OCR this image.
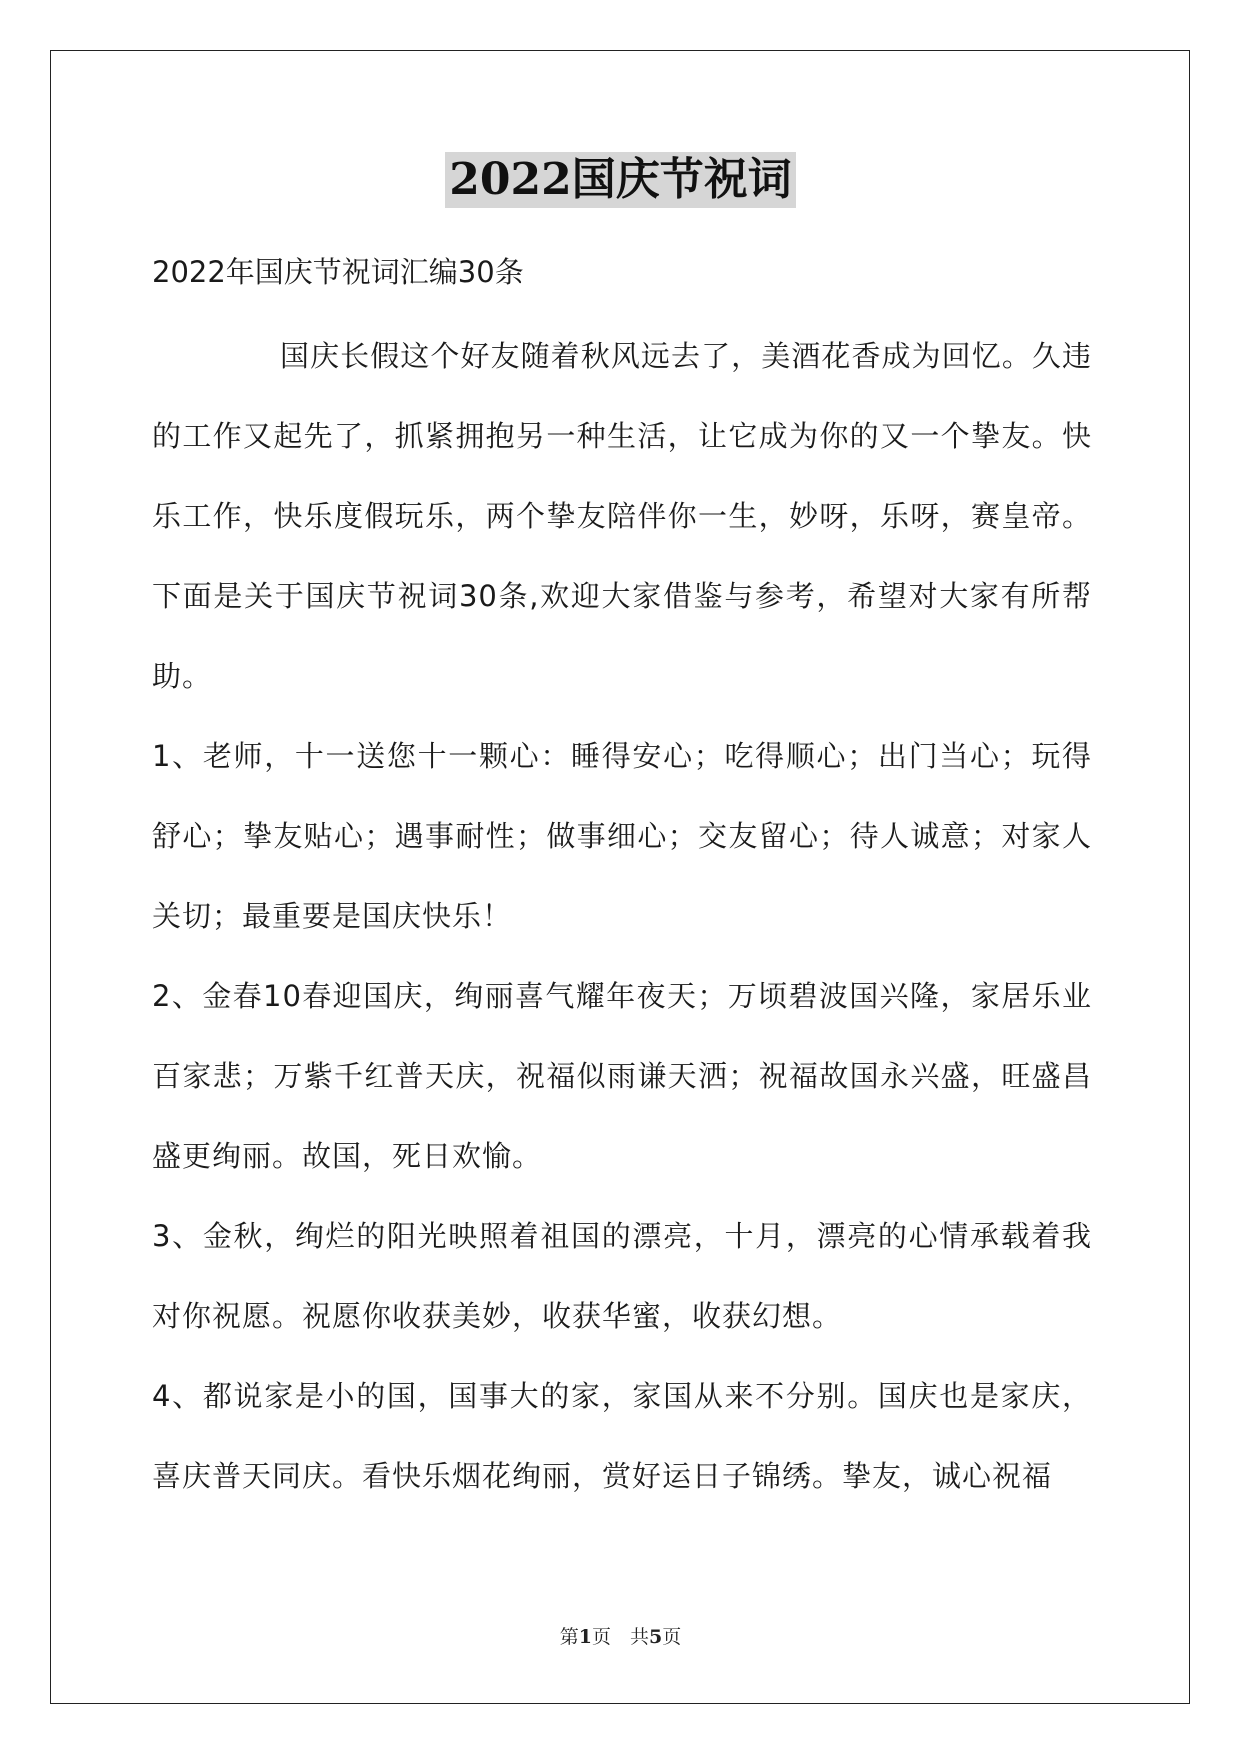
2022国庆节祝词

2022年国庆节祝词汇编30条

国庆长假这个好友随着秋风远去了，美酒花香成为回忆。久违的工作又起先了，抓紧拥抱另一种生活，让它成为你的又一个挚友。快乐工作，快乐度假玩乐，两个挚友陪伴你一生，妙呀，乐呀，赛皇帝。下面是关于国庆节祝词30条,欢迎大家借鉴与参考，希望对大家有所帮助。

1、老师，十一送您十一颗心：睡得安心；吃得顺心；出门当心；玩得舒心；挚友贴心；遇事耐性；做事细心；交友留心；待人诚意；对家人关切；最重要是国庆快乐！

2、金春10春迎国庆，绚丽喜气耀年夜天；万顷碧波国兴隆，家居乐业百家悲；万紫千红普天庆，祝福似雨谦天洒；祝福故国永兴盛，旺盛昌盛更绚丽。故国，死日欢愉。

3、金秋，绚烂的阳光映照着祖国的漂亮，十月，漂亮的心情承载着我对你祝愿。祝愿你收获美妙，收获华蜜，收获幻想。

4、都说家是小的国，国事大的家，家国从来不分别。国庆也是家庆，喜庆普天同庆。看快乐烟花绚丽，赏好运日子锦绣。挚友，诚心祝福

第1页　共5页
